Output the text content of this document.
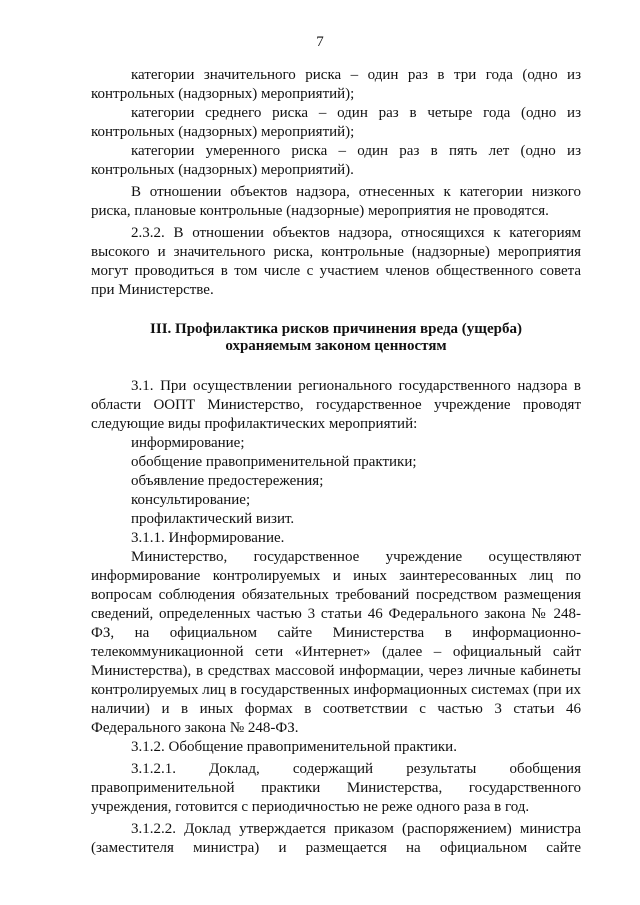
7

категории значительного риска – один раз в три года (одно из контрольных (надзорных) мероприятий);

категории среднего риска – один раз в четыре года (одно из контрольных (надзорных) мероприятий);

категории умеренного риска – один раз в пять лет (одно из контрольных (надзорных) мероприятий).

В отношении объектов надзора, отнесенных к категории низкого риска, плановые контрольные (надзорные) мероприятия не проводятся.

2.3.2. В отношении объектов надзора, относящихся к категориям высокого и значительного риска, контрольные (надзорные) мероприятия могут проводиться в том числе с участием членов общественного совета при Министерстве.

III. Профилактика рисков причинения вреда (ущерба)
охраняемым законом ценностям

3.1. При осуществлении регионального государственного надзора в области ООПТ Министерство, государственное учреждение проводят следующие виды профилактических мероприятий:

информирование;

обобщение правоприменительной практики;

объявление предостережения;

консультирование;

профилактический визит.

3.1.1. Информирование.

Министерство, государственное учреждение осуществляют информирование контролируемых и иных заинтересованных лиц по вопросам соблюдения обязательных требований посредством размещения сведений, определенных частью 3 статьи 46 Федерального закона № 248-ФЗ, на официальном сайте Министерства в информационно-телекоммуникационной сети «Интернет» (далее – официальный сайт Министерства), в средствах массовой информации, через личные кабинеты контролируемых лиц в государственных информационных системах (при их наличии) и в иных формах в соответствии с частью 3 статьи 46 Федерального закона № 248-ФЗ.

3.1.2. Обобщение правоприменительной практики.

3.1.2.1. Доклад, содержащий результаты обобщения правоприменительной практики Министерства, государственного учреждения, готовится с периодичностью не реже одного раза в год.

3.1.2.2. Доклад утверждается приказом (распоряжением) министра (заместителя министра) и размещается на официальном сайте
